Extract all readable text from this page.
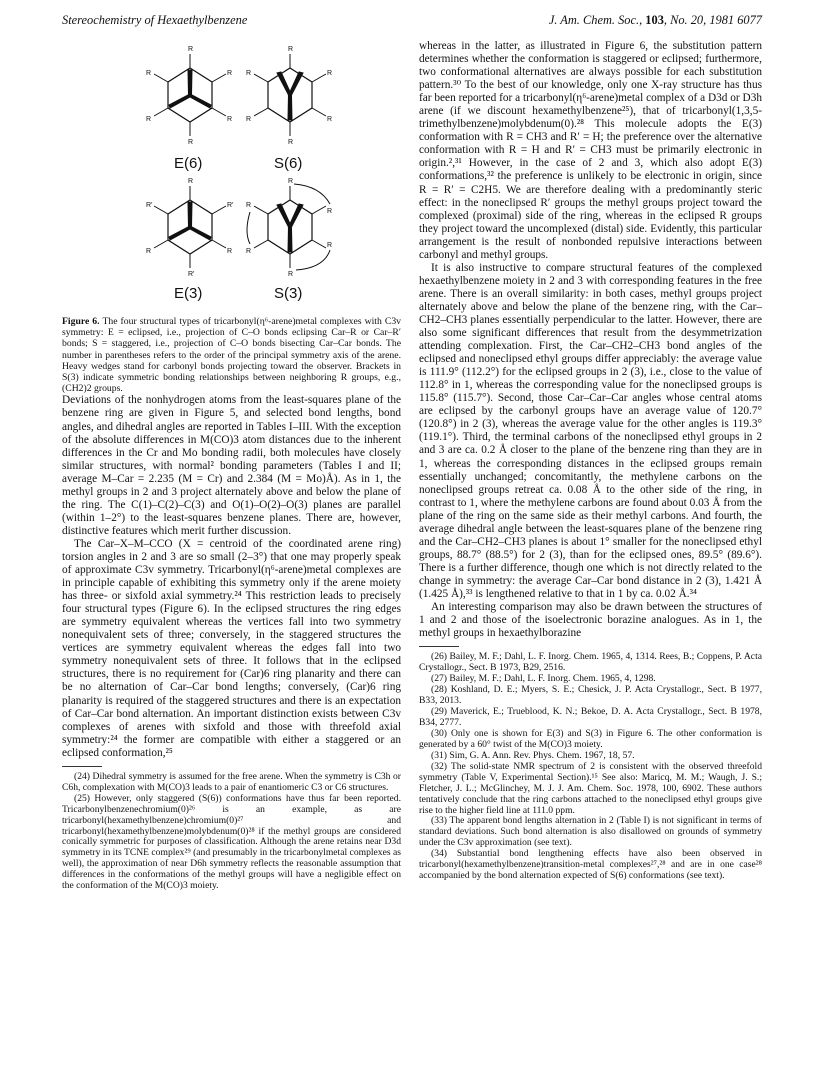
Stereochemistry of Hexaethylbenzene	J. Am. Chem. Soc., 103, No. 20, 1981 6077
R
R
R
R
R
R
R
R
R
R
R
R
R
R′
R
R′
R
R′
R
R
R
R
R
R
E(6)	S(6)
E(3)	S(3)

Figure 6. The four structural types of tricarbonyl(η⁶-arene)metal complexes with C3v symmetry: E = eclipsed, i.e., projection of C–O bonds eclipsing Car–R or Car–R′ bonds; S = staggered, i.e., projection of C–O bonds bisecting Car–Car bonds. The number in parentheses refers to the order of the principal symmetry axis of the arene. Heavy wedges stand for carbonyl bonds projecting toward the observer. Brackets in S(3) indicate symmetric bonding relationships between neighboring R groups, e.g., (CH2)2 groups.

Deviations of the nonhydrogen atoms from the least-squares plane of the benzene ring are given in Figure 5, and selected bond lengths, bond angles, and dihedral angles are reported in Tables I–III. With the exception of the absolute differences in M(CO)3 atom distances due to the inherent differences in the Cr and Mo bonding radii, both molecules have closely similar structures, with normal² bonding parameters (Tables I and II; average M–Car = 2.235 (M = Cr) and 2.384 (M = Mo)Å). As in 1, the methyl groups in 2 and 3 project alternately above and below the plane of the ring. The C(1)–C(2)–C(3) and O(1)–O(2)–O(3) planes are parallel (within 1–2°) to the least-squares benzene planes. There are, however, distinctive features which merit further discussion.

The Car–X–M–CCO (X = centroid of the coordinated arene ring) torsion angles in 2 and 3 are so small (2–3°) that one may properly speak of approximate C3v symmetry. Tricarbonyl(η⁶-arene)metal complexes are in principle capable of exhibiting this symmetry only if the arene moiety has three- or sixfold axial symmetry.²⁴ This restriction leads to precisely four structural types (Figure 6). In the eclipsed structures the ring edges are symmetry equivalent whereas the vertices fall into two symmetry nonequivalent sets of three; conversely, in the staggered structures the vertices are symmetry equivalent whereas the edges fall into two symmetry nonequivalent sets of three. It follows that in the eclipsed structures, there is no requirement for (Car)6 ring planarity and there can be no alternation of Car–Car bond lengths; conversely, (Car)6 ring planarity is required of the staggered structures and there is an expectation of Car–Car bond alternation. An important distinction exists between C3v complexes of arenes with sixfold and those with threefold axial symmetry:²⁴ the former are compatible with either a staggered or an eclipsed conformation,²⁵

(24) Dihedral symmetry is assumed for the free arene. When the symmetry is C3h or C6h, complexation with M(CO)3 leads to a pair of enantiomeric C3 or C6 structures.

(25) However, only staggered (S(6)) conformations have thus far been reported. Tricarbonylbenzenechromium(0)²⁶ is an example, as are tricarbonyl(hexamethylbenzene)chromium(0)²⁷ and tricarbonyl(hexamethylbenzene)molybdenum(0)²⁸ if the methyl groups are considered conically symmetric for purposes of classification. Although the arene retains near D3d symmetry in its TCNE complex²⁹ (and presumably in the tricarbonylmetal complexes as well), the approximation of near D6h symmetry reflects the reasonable assumption that differences in the conformations of the methyl groups will have a negligible effect on the conformation of the M(CO)3 moiety.

whereas in the latter, as illustrated in Figure 6, the substitution pattern determines whether the conformation is staggered or eclipsed; furthermore, two conformational alternatives are always possible for each substitution pattern.³⁰ To the best of our knowledge, only one X-ray structure has thus far been reported for a tricarbonyl(η⁶-arene)metal complex of a D3d or D3h arene (if we discount hexamethylbenzene²⁵), that of tricarbonyl(1,3,5-trimethylbenzene)molybdenum(0).²⁸ This molecule adopts the E(3) conformation with R = CH3 and R′ = H; the preference over the alternative conformation with R = H and R′ = CH3 must be primarily electronic in origin.²,³¹ However, in the case of 2 and 3, which also adopt E(3) conformations,³² the preference is unlikely to be electronic in origin, since R = R′ = C2H5. We are therefore dealing with a predominantly steric effect: in the noneclipsed R′ groups the methyl groups project toward the complexed (proximal) side of the ring, whereas in the eclipsed R groups they project toward the uncomplexed (distal) side. Evidently, this particular arrangement is the result of nonbonded repulsive interactions between carbonyl and methyl groups.

It is also instructive to compare structural features of the complexed hexaethylbenzene moiety in 2 and 3 with corresponding features in the free arene. There is an overall similarity: in both cases, methyl groups project alternately above and below the plane of the benzene ring, with the Car–CH2–CH3 planes essentially perpendicular to the latter. However, there are also some significant differences that result from the desymmetrization attending complexation. First, the Car–CH2–CH3 bond angles of the eclipsed and noneclipsed ethyl groups differ appreciably: the average value is 111.9° (112.2°) for the eclipsed groups in 2 (3), i.e., close to the value of 112.8° in 1, whereas the corresponding value for the noneclipsed groups is 115.8° (115.7°). Second, those Car–Car–Car angles whose central atoms are eclipsed by the carbonyl groups have an average value of 120.7° (120.8°) in 2 (3), whereas the average value for the other angles is 119.3° (119.1°). Third, the terminal carbons of the noneclipsed ethyl groups in 2 and 3 are ca. 0.2 Å closer to the plane of the benzene ring than they are in 1, whereas the corresponding distances in the eclipsed groups remain essentially unchanged; concomitantly, the methylene carbons on the noneclipsed groups retreat ca. 0.08 Å to the other side of the ring, in contrast to 1, where the methylene carbons are found about 0.03 Å from the plane of the ring on the same side as their methyl carbons. And fourth, the average dihedral angle between the least-squares plane of the benzene ring and the Car–CH2–CH3 planes is about 1° smaller for the noneclipsed ethyl groups, 88.7° (88.5°) for 2 (3), than for the eclipsed ones, 89.5° (89.6°). There is a further difference, though one which is not directly related to the change in symmetry: the average Car–Car bond distance in 2 (3), 1.421 Å (1.425 Å),³³ is lengthened relative to that in 1 by ca. 0.02 Å.³⁴

An interesting comparison may also be drawn between the structures of 1 and 2 and those of the isoelectronic borazine analogues. As in 1, the methyl groups in hexaethylborazine

(26) Bailey, M. F.; Dahl, L. F. Inorg. Chem. 1965, 4, 1314. Rees, B.; Coppens, P. Acta Crystallogr., Sect. B 1973, B29, 2516.

(27) Bailey, M. F.; Dahl, L. F. Inorg. Chem. 1965, 4, 1298.

(28) Koshland, D. E.; Myers, S. E.; Chesick, J. P. Acta Crystallogr., Sect. B 1977, B33, 2013.

(29) Maverick, E.; Trueblood, K. N.; Bekoe, D. A. Acta Crystallogr., Sect. B 1978, B34, 2777.

(30) Only one is shown for E(3) and S(3) in Figure 6. The other conformation is generated by a 60° twist of the M(CO)3 moiety.

(31) Sim, G. A. Ann. Rev. Phys. Chem. 1967, 18, 57.

(32) The solid-state NMR spectrum of 2 is consistent with the observed threefold symmetry (Table V, Experimental Section).¹⁵ See also: Maricq, M. M.; Waugh, J. S.; Fletcher, J. L.; McGlinchey, M. J. J. Am. Chem. Soc. 1978, 100, 6902. These authors tentatively conclude that the ring carbons attached to the noneclipsed ethyl groups give rise to the higher field line at 111.0 ppm.

(33) The apparent bond lengths alternation in 2 (Table I) is not significant in terms of standard deviations. Such bond alternation is also disallowed on grounds of symmetry under the C3v approximation (see text).

(34) Substantial bond lengthening effects have also been observed in tricarbonyl(hexamethylbenzene)transition-metal complexes²⁷,²⁸ and are in one case²⁸ accompanied by the bond alternation expected of S(6) conformations (see text).
